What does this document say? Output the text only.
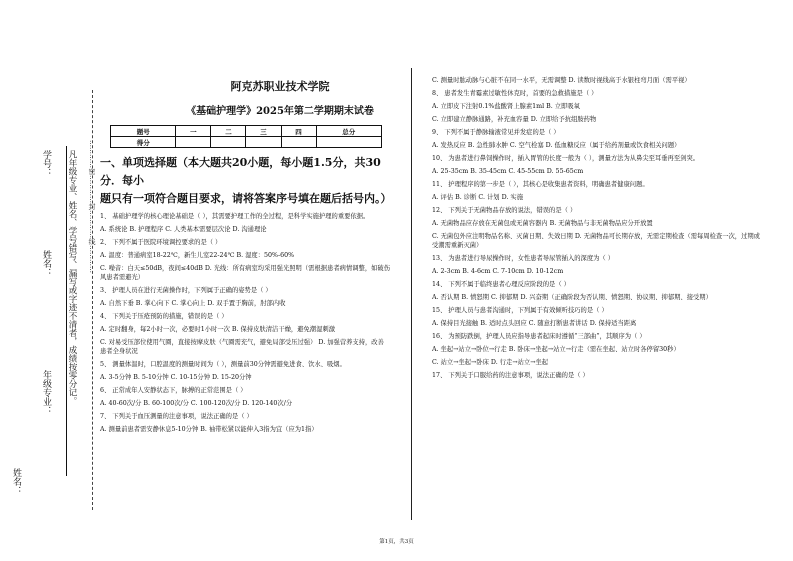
学号：
姓名：
年级专业： 凡年级专业、姓名、学号错写、漏写或字迹不清者，成绩按零分记。 …………密…………封…………线…………
姓名：
阿克苏职业技术学院
《基础护理学》2025年第二学期期末试卷
题号	一	二	三	四	总分
得分					
一、单项选择题（本大题共20小题，每小题1.5分，共30分．每小
题只有一项符合题目要求，请将答案序号填在题后括号内。）
1、 基础护理学的核心理论基础是（ ），其需要护理工作的全过程，是科学实施护理的重要依据。
A. 系统论 B. 护理程序 C. 人类基本需要层次论 D. 沟通理论
2、 下列不属于医院环境调控要求的是（ ）
A. 温度：普通病室18-22℃，新生儿室22-24℃ B. 湿度：50%-60%
C. 噪音：白天≤50dB，夜间≤40dB D. 光线：所有病室均采用强光照明（需根据患者病情调整，如破伤风患者需避光）
3、 护理人员在进行无菌操作时，下列属于正确的姿势是（ ）
A. 自然下垂 B. 掌心向下 C. 掌心向上 D. 双手置于胸前，肘部内收
4、 下列关于压疮预防的措施，错误的是（ ）
A. 定时翻身，每2小时一次，必要时1小时一次 B. 保持皮肤清洁干燥，避免潮湿刺激
C. 对易受压部位使用气圈，直接按摩皮肤（气圈需充气，避免局部受压过强） D. 加强营养支持，改善患者全身状况
5、 测量体温时，口腔温度的测量时间为（ ），测量前30分钟需避免进食、饮水、吸烟。
A. 3-5分钟 B. 5-10分钟 C. 10-15分钟 D. 15-20分钟
6、 正常成年人安静状态下，脉搏的正常范围是（ ）
A. 40-60次/分 B. 60-100次/分 C. 100-120次/分 D. 120-140次/分
7、 下列关于血压测量的注意事项，说法正确的是（ ）
A. 测量前患者需安静休息5-10分钟 B. 袖带松紧以能伸入3指为宜（应为1指）
C. 测量时肱动脉与心脏不在同一水平，无需调整 D. 读数时视线高于水银柱弯月面（需平视）
8、 患者发生青霉素过敏性休克时，首要的急救措施是（ ）
A. 立即皮下注射0.1%盐酸肾上腺素1ml B. 立即吸氧
C. 立即建立静脉通路，补充血容量 D. 立即给予抗组胺药物
9、 下列不属于静脉输液常见并发症的是（ ）
A. 发热反应 B. 急性肺水肿 C. 空气栓塞 D. 低血糖反应（属于给药剂量或饮食相关问题）
10、 为患者进行鼻饲操作时，插入胃管的长度一般为（ ），测量方法为从鼻尖至耳垂再至剑突。
A. 25-35cm B. 35-45cm C. 45-55cm D. 55-65cm
11、 护理程序的第一步是（ ），其核心是收集患者资料，明确患者健康问题。
A. 评估 B. 诊断 C. 计划 D. 实施
12、 下列关于无菌物品存放的说法，错误的是（ ）
A. 无菌物品应存放在无菌包或无菌容器内 B. 无菌物品与非无菌物品应分开放置
C. 无菌包外应注明物品名称、灭菌日期、失效日期 D. 无菌物品可长期存放，无需定期检查（需每周检查一次，过期或受潮需重新灭菌）
13、 为患者进行导尿操作时，女性患者导尿管插入的深度为（ ）
A. 2-3cm B. 4-6cm C. 7-10cm D. 10-12cm
14、 下列不属于临终患者心理反应阶段的是（ ）
A. 否认期 B. 愤怒期 C. 抑郁期 D. 兴奋期（正确阶段为否认期、愤怒期、协议期、抑郁期、接受期）
15、 护理人员与患者沟通时，下列属于有效倾听技巧的是（ ）
A. 保持目光接触 B. 适时点头回应 C. 随意打断患者讲话 D. 保持适当距离
16、 为预防跌倒，护理人员应指导患者起床时遵循“三部曲”，其顺序为（ ）
A. 坐起→站立→卧位→行走 B. 卧床→坐起→站立→行走（需在坐起、站立时各停留30秒）
C. 站立→坐起→卧床 D. 行走→站立→坐起
17、 下列关于口服给药的注意事项，说法正确的是（ ）
第1页，共3页
